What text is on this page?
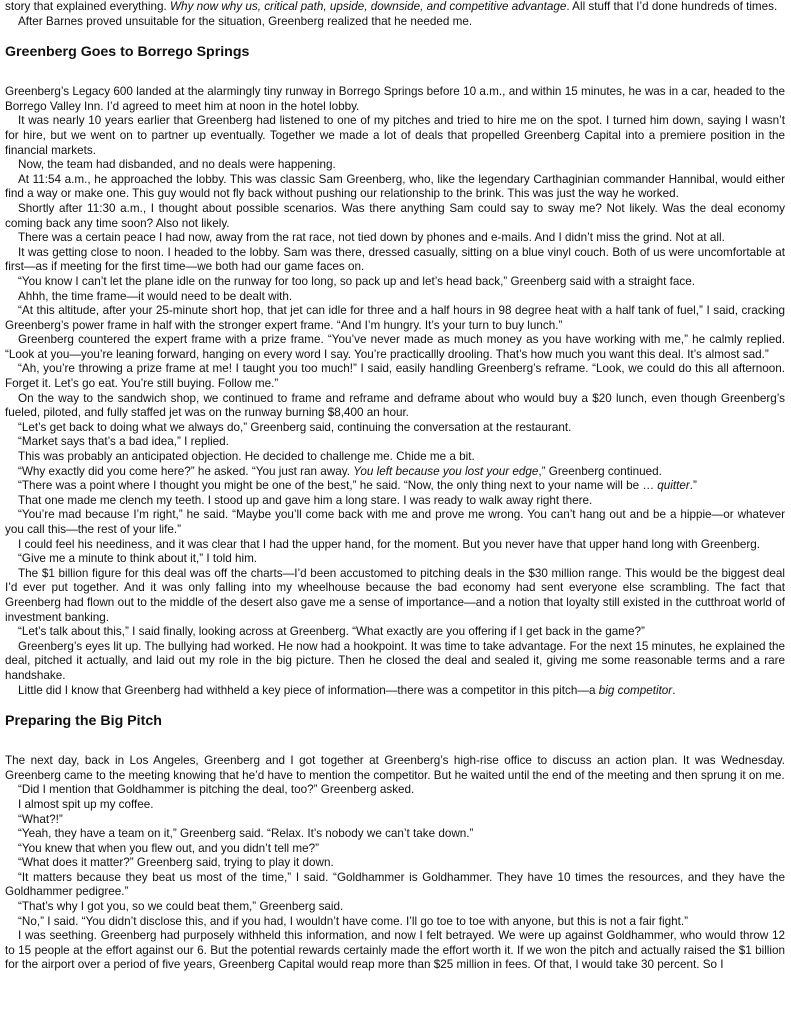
story that explained everything. Why now why us, critical path, upside, downside, and competitive advantage. All stuff that I’d done hundreds of times.

After Barnes proved unsuitable for the situation, Greenberg realized that he needed me.

Greenberg Goes to Borrego Springs

Greenberg’s Legacy 600 landed at the alarmingly tiny runway in Borrego Springs before 10 a.m., and within 15 minutes, he was in a car, headed to the Borrego Valley Inn. I’d agreed to meet him at noon in the hotel lobby.

It was nearly 10 years earlier that Greenberg had listened to one of my pitches and tried to hire me on the spot. I turned him down, saying I wasn’t for hire, but we went on to partner up eventually. Together we made a lot of deals that propelled Greenberg Capital into a premiere position in the financial markets.

Now, the team had disbanded, and no deals were happening.

At 11:54 a.m., he approached the lobby. This was classic Sam Greenberg, who, like the legendary Carthaginian commander Hannibal, would either find a way or make one. This guy would not fly back without pushing our relationship to the brink. This was just the way he worked.

Shortly after 11:30 a.m., I thought about possible scenarios. Was there anything Sam could say to sway me? Not likely. Was the deal economy coming back any time soon? Also not likely.

There was a certain peace I had now, away from the rat race, not tied down by phones and e-mails. And I didn’t miss the grind. Not at all.

It was getting close to noon. I headed to the lobby. Sam was there, dressed casually, sitting on a blue vinyl couch. Both of us were uncomfortable at first—as if meeting for the first time—we both had our game faces on.

“You know I can’t let the plane idle on the runway for too long, so pack up and let’s head back,” Greenberg said with a straight face.

Ahhh, the time frame—it would need to be dealt with.

“At this altitude, after your 25-minute short hop, that jet can idle for three and a half hours in 98 degree heat with a half tank of fuel,” I said, cracking Greenberg’s power frame in half with the stronger expert frame. “And I’m hungry. It’s your turn to buy lunch.”

Greenberg countered the expert frame with a prize frame. “You’ve never made as much money as you have working with me,” he calmly replied. “Look at you—you’re leaning forward, hanging on every word I say. You’re practicallly drooling. That’s how much you want this deal. It’s almost sad.”

“Ah, you’re throwing a prize frame at me! I taught you too much!” I said, easily handling Greenberg’s reframe. “Look, we could do this all afternoon. Forget it. Let’s go eat. You’re still buying. Follow me.”

On the way to the sandwich shop, we continued to frame and reframe and deframe about who would buy a $20 lunch, even though Greenberg’s fueled, piloted, and fully staffed jet was on the runway burning $8,400 an hour.

“Let’s get back to doing what we always do,” Greenberg said, continuing the conversation at the restaurant.

“Market says that’s a bad idea,” I replied.

This was probably an anticipated objection. He decided to challenge me. Chide me a bit.

“Why exactly did you come here?” he asked. “You just ran away. You left because you lost your edge,” Greenberg continued.

“There was a point where I thought you might be one of the best,” he said. “Now, the only thing next to your name will be … quitter.”

That one made me clench my teeth. I stood up and gave him a long stare. I was ready to walk away right there.

“You’re mad because I’m right,” he said. “Maybe you’ll come back with me and prove me wrong. You can’t hang out and be a hippie—or whatever you call this—the rest of your life.”

I could feel his neediness, and it was clear that I had the upper hand, for the moment. But you never have that upper hand long with Greenberg.

“Give me a minute to think about it,” I told him.

The $1 billion figure for this deal was off the charts—I’d been accustomed to pitching deals in the $30 million range. This would be the biggest deal I’d ever put together. And it was only falling into my wheelhouse because the bad economy had sent everyone else scrambling. The fact that Greenberg had flown out to the middle of the desert also gave me a sense of importance—and a notion that loyalty still existed in the cutthroat world of investment banking.

“Let’s talk about this,” I said finally, looking across at Greenberg. “What exactly are you offering if I get back in the game?”

Greenberg’s eyes lit up. The bullying had worked. He now had a hookpoint. It was time to take advantage. For the next 15 minutes, he explained the deal, pitched it actually, and laid out my role in the big picture. Then he closed the deal and sealed it, giving me some reasonable terms and a rare handshake.

Little did I know that Greenberg had withheld a key piece of information—there was a competitor in this pitch—a big competitor.

Preparing the Big Pitch

The next day, back in Los Angeles, Greenberg and I got together at Greenberg’s high-rise office to discuss an action plan. It was Wednesday. Greenberg came to the meeting knowing that he’d have to mention the competitor. But he waited until the end of the meeting and then sprung it on me.

“Did I mention that Goldhammer is pitching the deal, too?” Greenberg asked.

I almost spit up my coffee.

“What?!”

“Yeah, they have a team on it,” Greenberg said. “Relax. It’s nobody we can’t take down.”

“You knew that when you flew out, and you didn’t tell me?”

“What does it matter?” Greenberg said, trying to play it down.

“It matters because they beat us most of the time,” I said. “Goldhammer is Goldhammer. They have 10 times the resources, and they have the Goldhammer pedigree.”

“That’s why I got you, so we could beat them,” Greenberg said.

“No,” I said. “You didn’t disclose this, and if you had, I wouldn’t have come. I’ll go toe to toe with anyone, but this is not a fair fight.”

I was seething. Greenberg had purposely withheld this information, and now I felt betrayed. We were up against Goldhammer, who would throw 12 to 15 people at the effort against our 6. But the potential rewards certainly made the effort worth it. If we won the pitch and actually raised the $1 billion for the airport over a period of five years, Greenberg Capital would reap more than $25 million in fees. Of that, I would take 30 percent. So I
